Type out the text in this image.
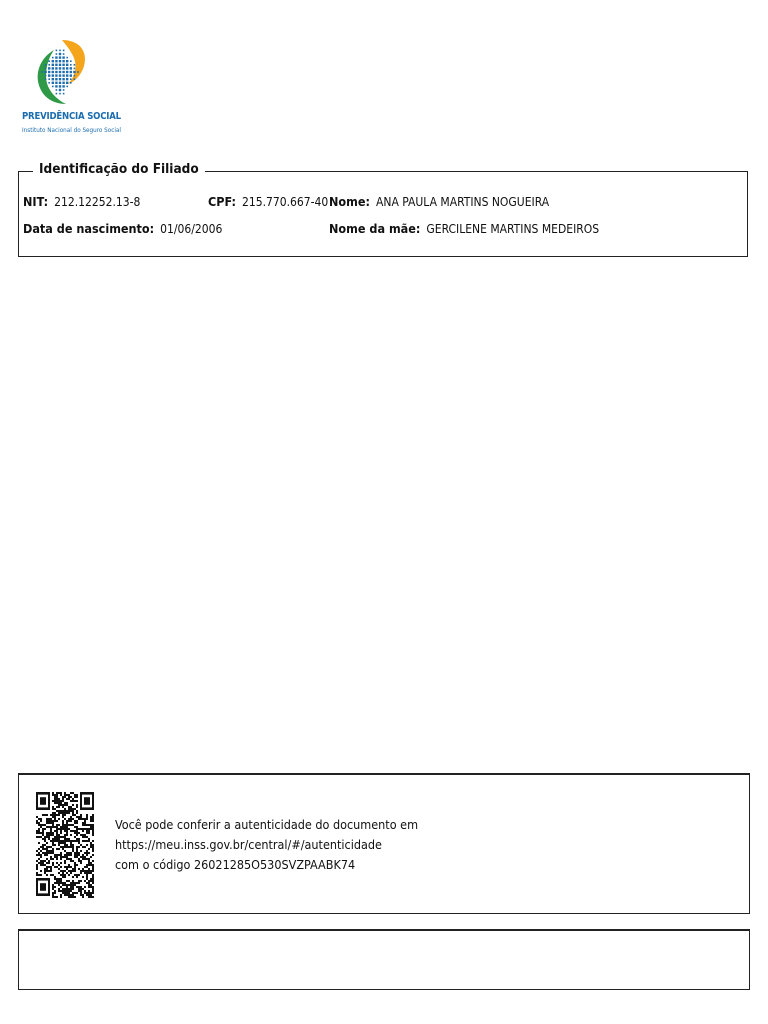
PREVIDÊNCIA SOCIAL
Instituto Nacional do Seguro Social
Identificação do Filiado
NIT: 212.12252.13-8	CPF: 215.770.667-40 Nome: ANA PAULA MARTINS NOGUEIRA
Data de nascimento: 01/06/2006	Nome da mãe: GERCILENE MARTINS MEDEIROS
Você pode conferir a autenticidade do documento em
https://meu.inss.gov.br/central/#/autenticidade
com o código 26021285O530SVZPAABK74
